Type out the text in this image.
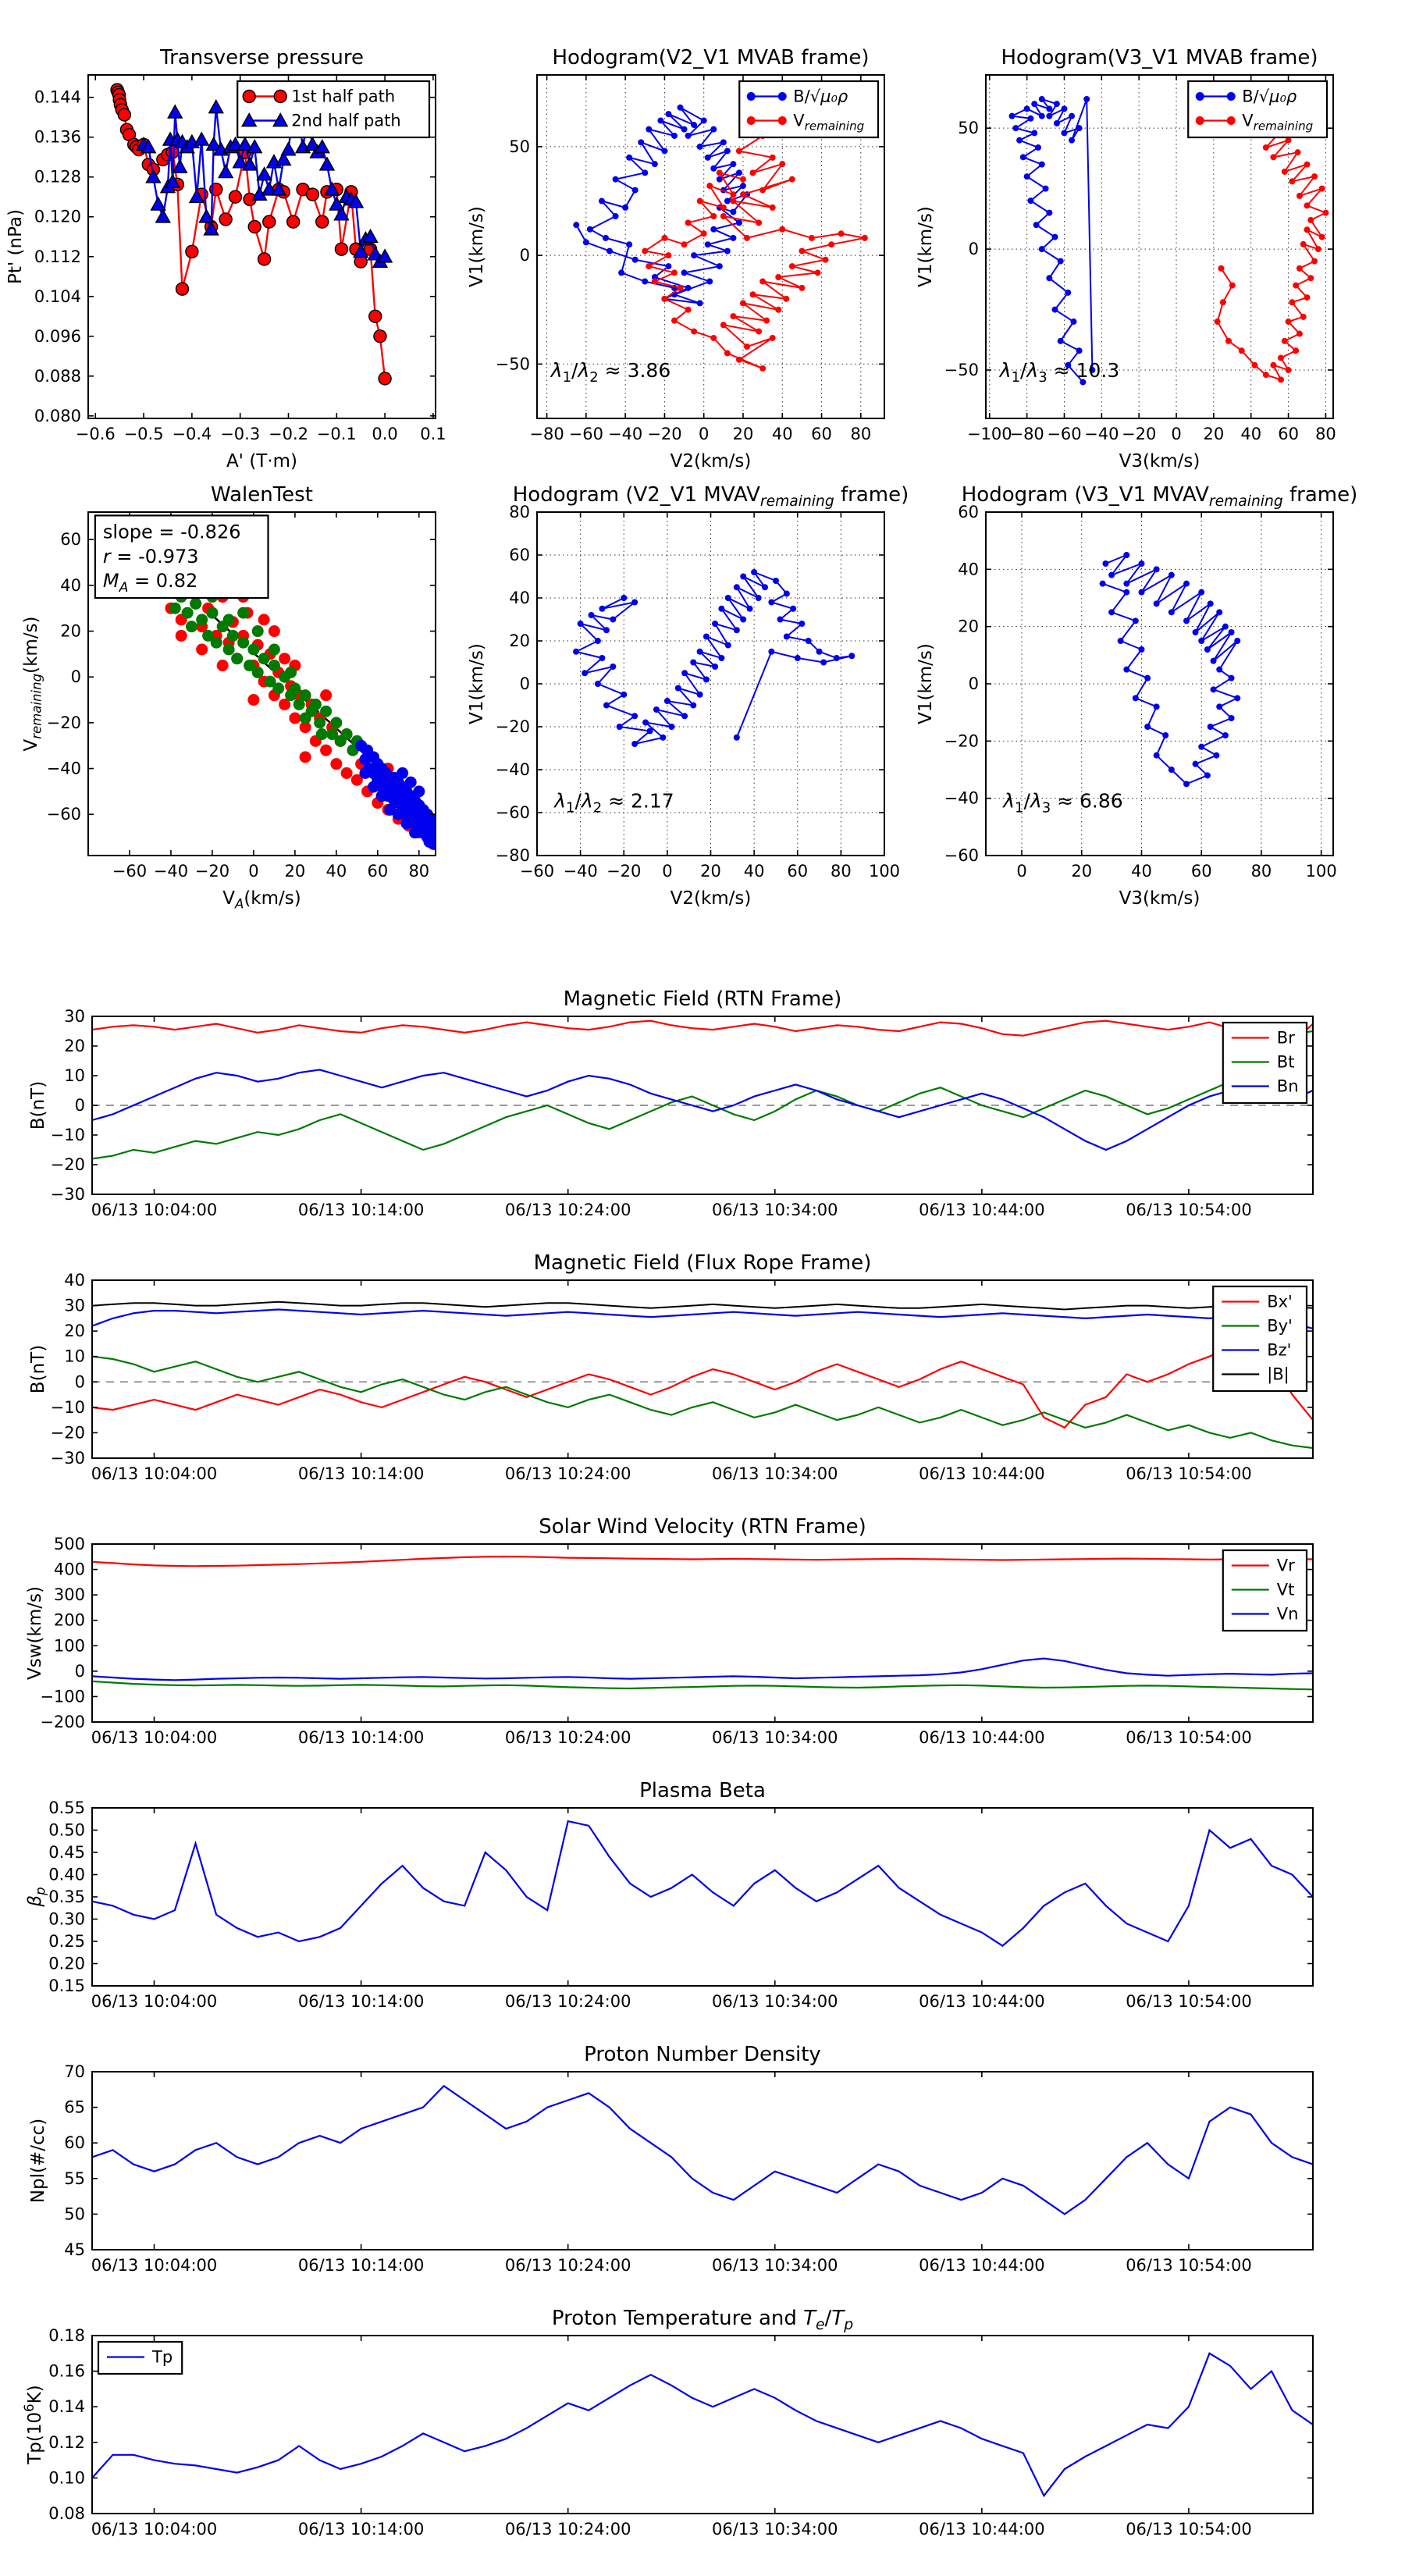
−0.6 −0.5 −0.4 −0.3 −0.2 −0.1 0.0 0.1
0.080
0.088
0.096
0.104
0.112
0.120
0.128
0.136
0.144
Transverse pressure
A' (T·m)
Pt' (nPa)
1st half path
2nd half path
−80 −60 −40 −20 0 20 40 60 80
−50
0
50
Hodogram(V2_V1 MVAB frame)
V2(km/s)
V1(km/s)
B/√μ₀ρ
$V_{remaining}$
$\lambda_1/\lambda_2 \approx 3.86$
−100
−80 −60 −40 −20 0 20 40 60 80
−50
0
50
Hodogram(V3_V1 MVAB frame)
V3(km/s)
V1(km/s)
B/√μ₀ρ
$V_{remaining}$
$\lambda_1/\lambda_3 \approx 10.3$
−60 −40 −20 0 20 40 60 80
−60
−40
−20
0
20
40
60
WalenTest
$V_A(km/s)$
$V_{remaining}(km/s)$
slope = -0.826
r = -0.973
$M_A = 0.82$
−60 −40 −20 0 20 40 60 80 100
−80
−60
−40
−20
0
20
40
60
80
Hodogram (V2_V1 $MVAV_{remaining}$ frame)
V2(km/s)
V1(km/s)
$\lambda_1/\lambda_2 \approx 2.17$
0	20 40 60 80 100
−60
−40
−20
0
20
40
60
Hodogram (V3_V1 $MVAV_{remaining}$ frame)
V3(km/s)
V1(km/s)
$\lambda_1/\lambda_3 \approx 6.86$
06/13 10:04:00	06/13 10:14:00	06/13 10:24:00	06/13 10:34:00	06/13 10:44:00	06/13 10:54:00
−30
−20
−10
0
10
20
30
Magnetic Field (RTN Frame)
B(nT)
Br
Bt
Bn
06/13 10:04:00	06/13 10:14:00	06/13 10:24:00	06/13 10:34:00	06/13 10:44:00	06/13 10:54:00
−30
−20
−10
0
10
20
30
40
Magnetic Field (Flux Rope Frame)
B(nT)
Bx'
By'
Bz'
|B|
06/13 10:04:00	06/13 10:14:00	06/13 10:24:00	06/13 10:34:00	06/13 10:44:00	06/13 10:54:00
−200
−100
0
100
200
300
400
500
Solar Wind Velocity (RTN Frame)
Vsw(km/s)
Vr
Vt
Vn
06/13 10:04:00	06/13 10:14:00	06/13 10:24:00	06/13 10:34:00	06/13 10:44:00	06/13 10:54:00
0.15
0.20
0.25
0.30
0.35
0.40
0.45
0.50
0.55
Plasma Beta
$\beta_p$
06/13 10:04:00	06/13 10:14:00	06/13 10:24:00	06/13 10:34:00	06/13 10:44:00	06/13 10:54:00
45
50
55
60
65
70
Proton Number Density
Npl(#/cc)
06/13 10:04:00	06/13 10:14:00	06/13 10:24:00	06/13 10:34:00	06/13 10:44:00	06/13 10:54:00
0.08
0.10
0.12
0.14
0.16
0.18
Proton Temperature and $T_e/T_p$
$Tp(10^6K)$
Tp
